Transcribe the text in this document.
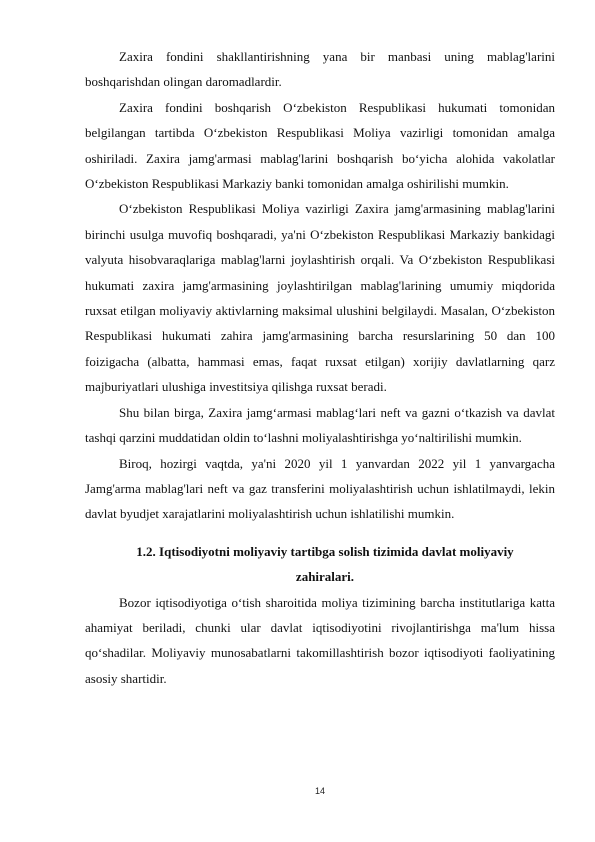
Zaxira fondini shakllantirishning yana bir manbasi uning mablag'larini boshqarishdan olingan daromadlardir.

Zaxira fondini boshqarish O‘zbekiston Respublikasi hukumati tomonidan belgilangan tartibda O‘zbekiston Respublikasi Moliya vazirligi tomonidan amalga oshiriladi. Zaxira jamg'armasi mablag'larini boshqarish bo‘yicha alohida vakolatlar O‘zbekiston Respublikasi Markaziy banki tomonidan amalga oshirilishi mumkin.

O‘zbekiston Respublikasi Moliya vazirligi Zaxira jamg'armasining mablag'larini birinchi usulga muvofiq boshqaradi, ya'ni O‘zbekiston Respublikasi Markaziy bankidagi valyuta hisobvaraqlariga mablag'larni joylashtirish orqali. Va O‘zbekiston Respublikasi hukumati zaxira jamg'armasining joylashtirilgan mablag'larining umumiy miqdorida ruxsat etilgan moliyaviy aktivlarning maksimal ulushini belgilaydi. Masalan, O‘zbekiston Respublikasi hukumati zahira jamg'armasining barcha resurslarining 50 dan 100 foizigacha (albatta, hammasi emas, faqat ruxsat etilgan) xorijiy davlatlarning qarz majburiyatlari ulushiga investitsiya qilishga ruxsat beradi.

Shu bilan birga, Zaxira jamg‘armasi mablag‘lari neft va gazni o‘tkazish va davlat tashqi qarzini muddatidan oldin to‘lashni moliyalashtirishga yo‘naltirilishi mumkin.

Biroq, hozirgi vaqtda, ya'ni 2020 yil 1 yanvardan 2022 yil 1 yanvargacha Jamg'arma mablag'lari neft va gaz transferini moliyalashtirish uchun ishlatilmaydi, lekin davlat byudjet xarajatlarini moliyalashtirish uchun ishlatilishi mumkin.

1.2. Iqtisodiyotni moliyaviy tartibga solish tizimida davlat moliyaviy zahiralari.

Bozor iqtisodiyotiga o‘tish sharoitida moliya tizimining barcha institutlariga katta ahamiyat beriladi, chunki ular davlat iqtisodiyotini rivojlantirishga ma'lum hissa qo‘shadilar. Moliyaviy munosabatlarni takomillashtirish bozor iqtisodiyoti faoliyatining asosiy shartidir.

14
